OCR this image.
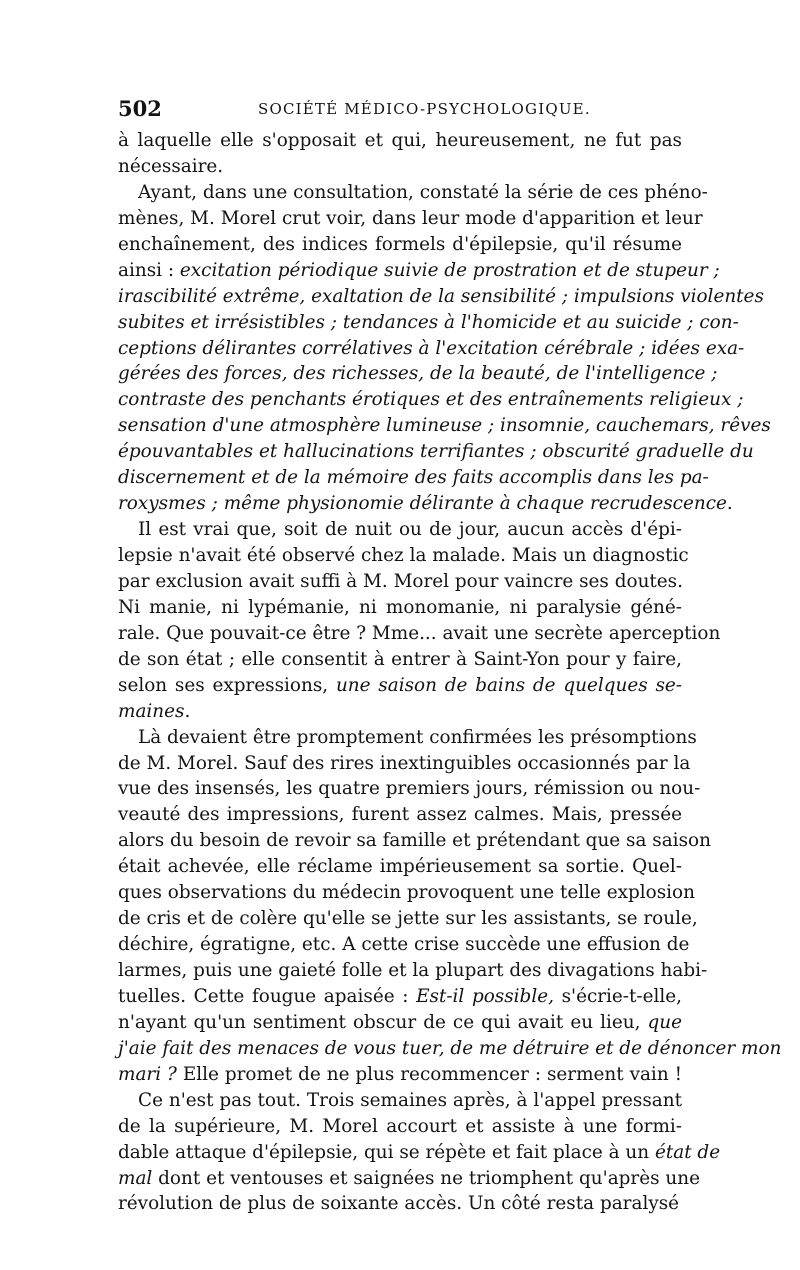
502	SOCIÉTÉ MÉDICO-PSYCHOLOGIQUE.
à laquelle elle s'opposait et qui, heureusement, ne fut pas
nécessaire.
Ayant, dans une consultation, constaté la série de ces phéno-
mènes, M. Morel crut voir, dans leur mode d'apparition et leur
enchaînement, des indices formels d'épilepsie, qu'il résume
ainsi : excitation périodique suivie de prostration et de stupeur ;
irascibilité extrême, exaltation de la sensibilité ; impulsions violentes
subites et irrésistibles ; tendances à l'homicide et au suicide ; con-
ceptions délirantes corrélatives à l'excitation cérébrale ; idées exa-
gérées des forces, des richesses, de la beauté, de l'intelligence ;
contraste des penchants érotiques et des entraînements religieux ;
sensation d'une atmosphère lumineuse ; insomnie, cauchemars, rêves
épouvantables et hallucinations terrifiantes ; obscurité graduelle du
discernement et de la mémoire des faits accomplis dans les pa-
roxysmes ; même physionomie délirante à chaque recrudescence.
Il est vrai que, soit de nuit ou de jour, aucun accès d'épi-
lepsie n'avait été observé chez la malade. Mais un diagnostic
par exclusion avait suffi à M. Morel pour vaincre ses doutes.
Ni manie, ni lypémanie, ni monomanie, ni paralysie géné-
rale. Que pouvait-ce être ? Mme... avait une secrète aperception
de son état ; elle consentit à entrer à Saint-Yon pour y faire,
selon ses expressions, une saison de bains de quelques se-
maines.
Là devaient être promptement confirmées les présomptions
de M. Morel. Sauf des rires inextinguibles occasionnés par la
vue des insensés, les quatre premiers jours, rémission ou nou-
veauté des impressions, furent assez calmes. Mais, pressée
alors du besoin de revoir sa famille et prétendant que sa saison
était achevée, elle réclame impérieusement sa sortie. Quel-
ques observations du médecin provoquent une telle explosion
de cris et de colère qu'elle se jette sur les assistants, se roule,
déchire, égratigne, etc. A cette crise succède une effusion de
larmes, puis une gaieté folle et la plupart des divagations habi-
tuelles. Cette fougue apaisée : Est-il possible, s'écrie-t-elle,
n'ayant qu'un sentiment obscur de ce qui avait eu lieu, que
j'aie fait des menaces de vous tuer, de me détruire et de dénoncer mon
mari ? Elle promet de ne plus recommencer : serment vain !
Ce n'est pas tout. Trois semaines après, à l'appel pressant
de la supérieure, M. Morel accourt et assiste à une formi-
dable attaque d'épilepsie, qui se répète et fait place à un état de
mal dont et ventouses et saignées ne triomphent qu'après une
révolution de plus de soixante accès. Un côté resta paralysé
